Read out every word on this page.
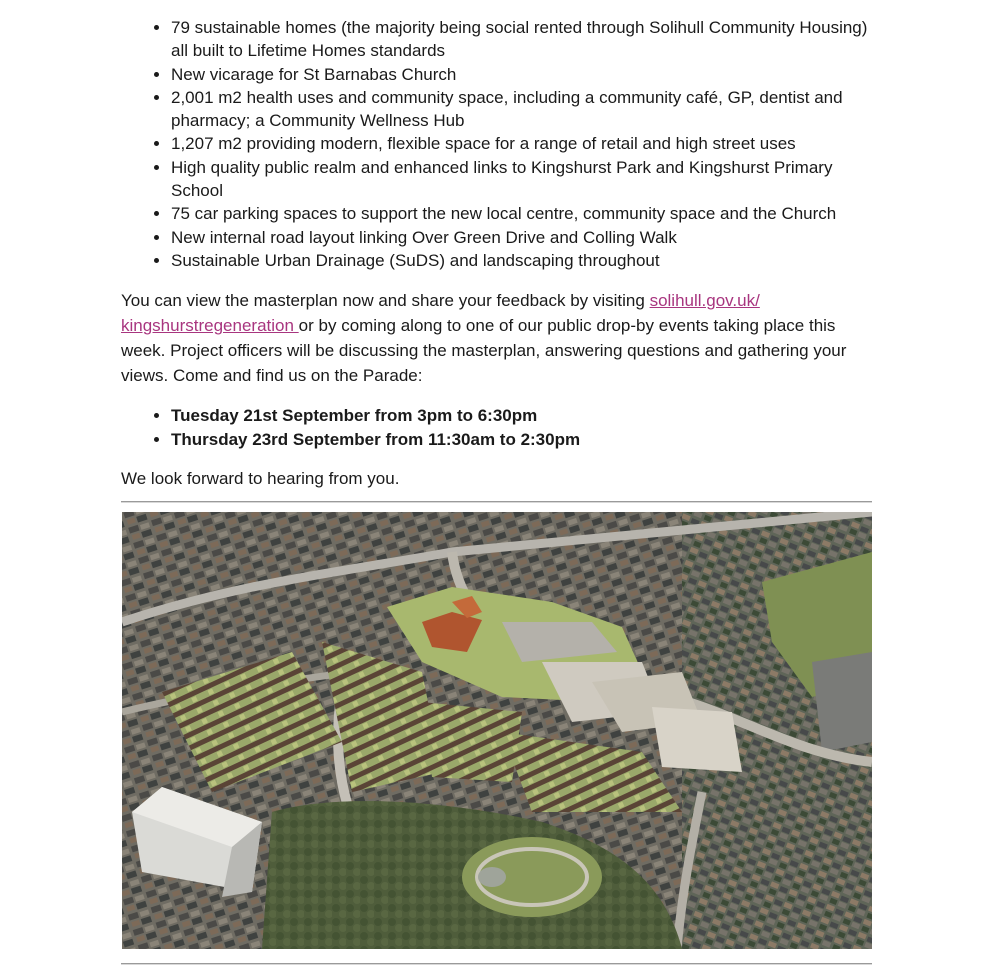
• 79 sustainable homes (the majority being social rented through Solihull Community Housing) all built to Lifetime Homes standards
• New vicarage for St Barnabas Church
• 2,001 m2 health uses and community space, including a community café, GP, dentist and pharmacy; a Community Wellness Hub
• 1,207 m2 providing modern, flexible space for a range of retail and high street uses
• High quality public realm and enhanced links to Kingshurst Park and Kingshurst Primary School
• 75 car parking spaces to support the new local centre, community space and the Church
• New internal road layout linking Over Green Drive and Colling Walk
• Sustainable Urban Drainage (SuDS) and landscaping throughout

You can view the masterplan now and share your feedback by visiting solihull.gov.uk/ kingshurstregeneration or by coming along to one of our public drop-by events taking place this week. Project officers will be discussing the masterplan, answering questions and gathering your views. Come and find us on the Parade:

• Tuesday 21st September from 3pm to 6:30pm
• Thursday 23rd September from 11:30am to 2:30pm

We look forward to hearing from you.
